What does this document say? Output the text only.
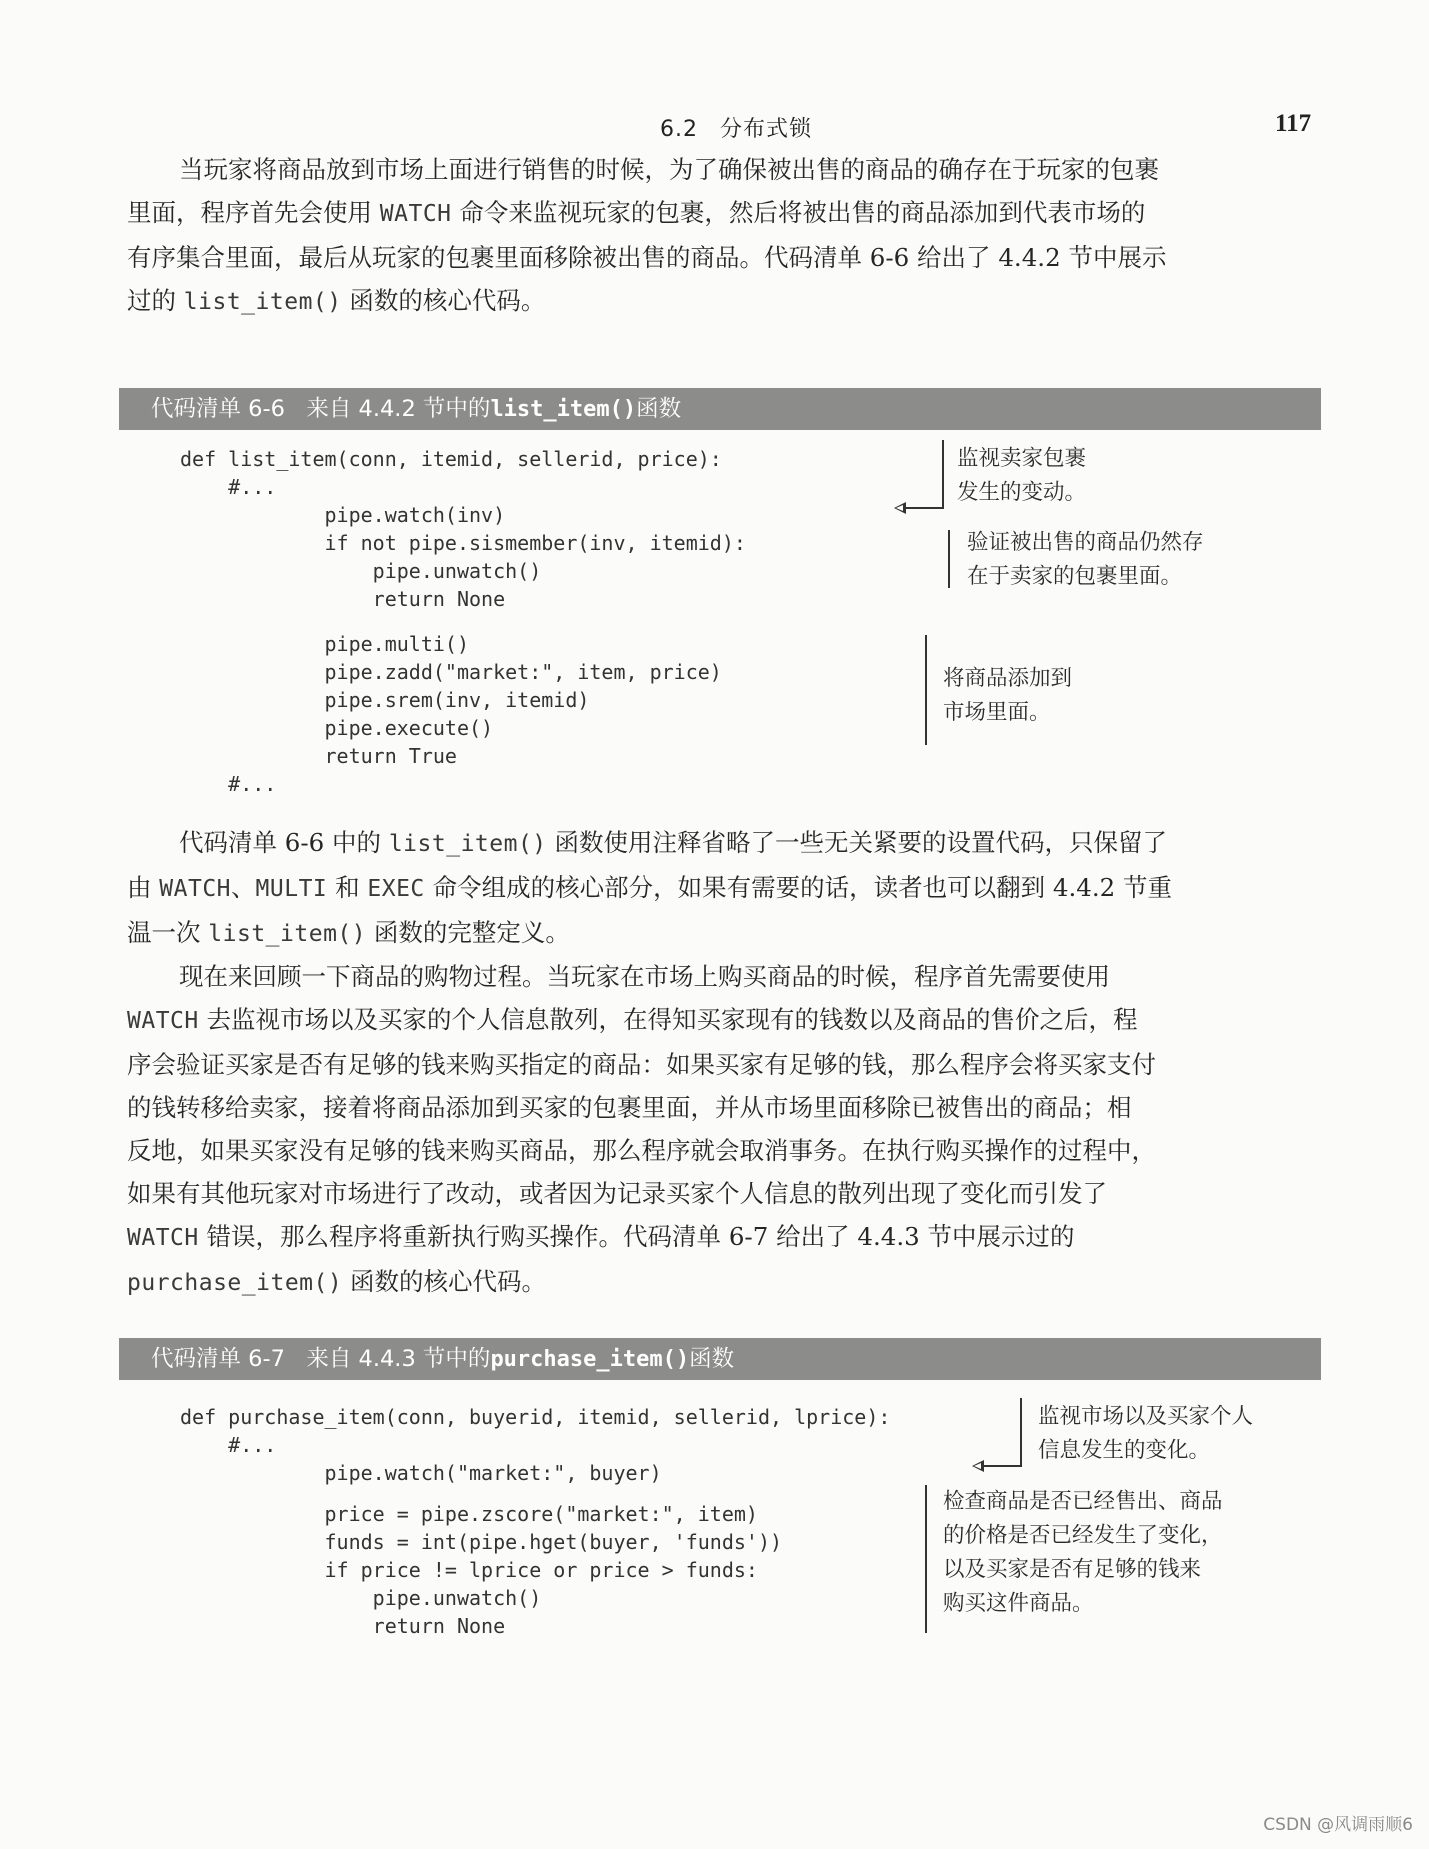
6.2 分布式锁	117
当玩家将商品放到市场上面进行销售的时候，为了确保被出售的商品的确存在于玩家的包裹
里面，程序首先会使用 WATCH 命令来监视玩家的包裹，然后将被出售的商品添加到代表市场的
有序集合里面，最后从玩家的包裹里面移除被出售的商品。代码清单 6-6 给出了 4.4.2 节中展示
过的 list_item() 函数的核心代码。
代码清单 6-6 来自 4.4.2 节中的list_item()函数
def list_item(conn, itemid, sellerid, price):
#...
pipe.watch(inv)
if not pipe.sismember(inv, itemid):
pipe.unwatch()
return None
pipe.multi()
pipe.zadd("market:", item, price)
pipe.srem(inv, itemid)
pipe.execute()
return True
#...
监视卖家包裹
发生的变动。
验证被出售的商品仍然存
在于卖家的包裹里面。
将商品添加到
市场里面。
代码清单 6-6 中的 list_item() 函数使用注释省略了一些无关紧要的设置代码，只保留了
由 WATCH、MULTI 和 EXEC 命令组成的核心部分，如果有需要的话，读者也可以翻到 4.4.2 节重
温一次 list_item() 函数的完整定义。
现在来回顾一下商品的购物过程。当玩家在市场上购买商品的时候，程序首先需要使用
WATCH 去监视市场以及买家的个人信息散列，在得知买家现有的钱数以及商品的售价之后，程
序会验证买家是否有足够的钱来购买指定的商品：如果买家有足够的钱，那么程序会将买家支付
的钱转移给卖家，接着将商品添加到买家的包裹里面，并从市场里面移除已被售出的商品；相
反地，如果买家没有足够的钱来购买商品，那么程序就会取消事务。在执行购买操作的过程中，
如果有其他玩家对市场进行了改动，或者因为记录买家个人信息的散列出现了变化而引发了
WATCH 错误，那么程序将重新执行购买操作。代码清单 6-7 给出了 4.4.3 节中展示过的
purchase_item() 函数的核心代码。
代码清单 6-7 来自 4.4.3 节中的purchase_item()函数
def purchase_item(conn, buyerid, itemid, sellerid, lprice):
#...
pipe.watch("market:", buyer)
price = pipe.zscore("market:", item)
funds = int(pipe.hget(buyer, 'funds'))
if price != lprice or price > funds:
pipe.unwatch()
return None
监视市场以及买家个人
信息发生的变化。
检查商品是否已经售出、商品
的价格是否已经发生了变化，
以及买家是否有足够的钱来
购买这件商品。
CSDN @风调雨顺6
